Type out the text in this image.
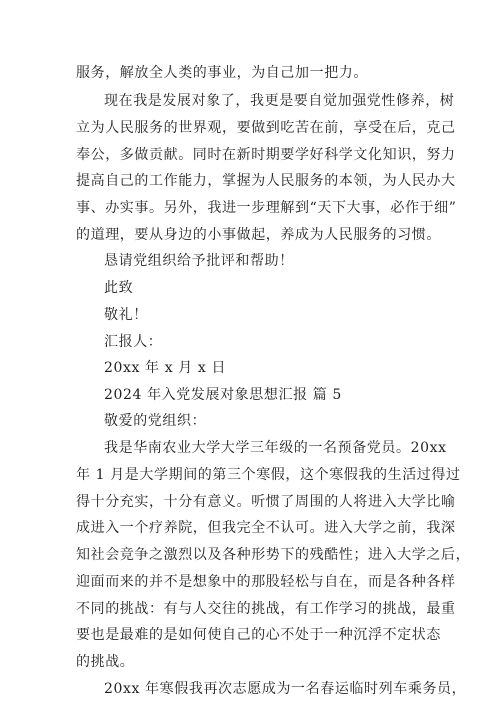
服务，解放全人类的事业，为自己加一把力。
现在我是发展对象了，我更是要自觉加强党性修养，树
立为人民服务的世界观，要做到吃苦在前，享受在后，克己
奉公，多做贡献。同时在新时期要学好科学文化知识，努力
提高自己的工作能力，掌握为人民服务的本领，为人民办大
事、办实事。另外，我进一步理解到“天下大事，必作于细”
的道理，要从身边的小事做起，养成为人民服务的习惯。
恳请党组织给予批评和帮助！
此致
敬礼！
汇报人：
20xx 年 x 月 x 日
2024 年入党发展对象思想汇报 篇 5
敬爱的党组织：
我是华南农业大学大学三年级的一名预备党员。20xx
年 1 月是大学期间的第三个寒假，这个寒假我的生活过得过
得十分充实，十分有意义。听惯了周围的人将进入大学比喻
成进入一个疗养院，但我完全不认可。进入大学之前，我深
知社会竞争之激烈以及各种形势下的残酷性；进入大学之后，
迎面而来的并不是想象中的那股轻松与自在，而是各种各样
不同的挑战：有与人交往的挑战，有工作学习的挑战，最重
要也是最难的是如何使自己的心不处于一种沉浮不定状态
的挑战。
20xx 年寒假我再次志愿成为一名春运临时列车乘务员，
